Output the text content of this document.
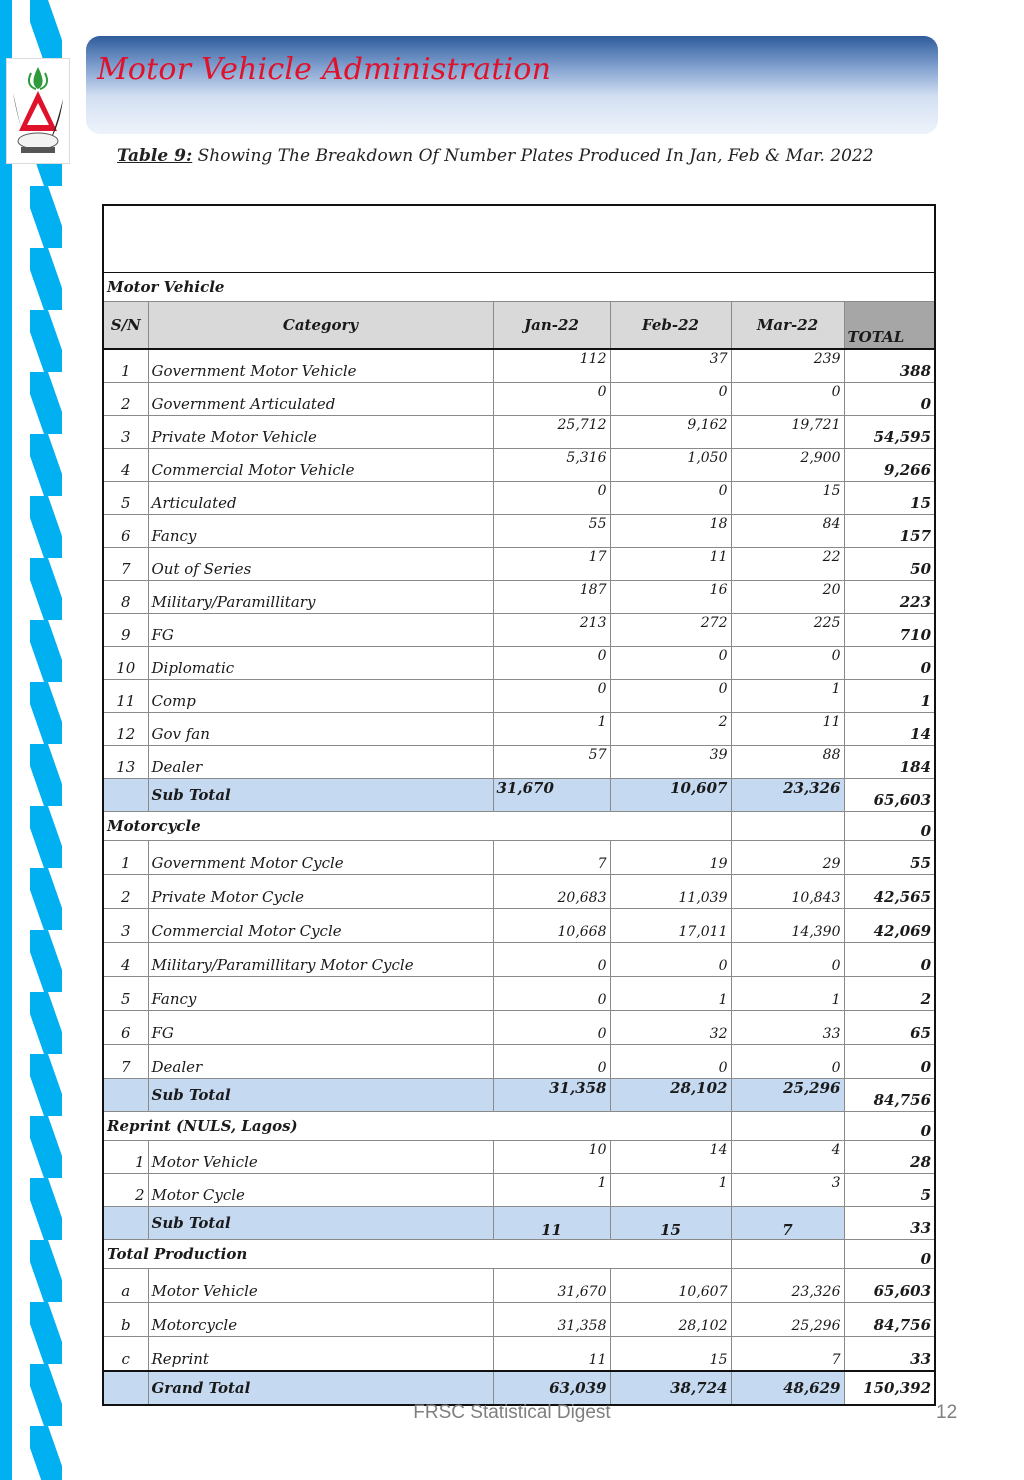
Motor Vehicle Administration
Table 9: Showing The Breakdown Of Number Plates Produced In Jan, Feb & Mar. 2022

Motor Vehicle					
S/N	Category	Jan-22	Feb-22	Mar-22	TOTAL
1	Government Motor Vehicle	112	37	239	388
2	Government Articulated	0	0	0	0
3	Private Motor Vehicle	25,712	9,162	19,721	54,595
4	Commercial Motor Vehicle	5,316	1,050	2,900	9,266
5	Articulated	0	0	15	15
6	Fancy	55	18	84	157
7	Out of Series	17	11	22	50
8	Military/Paramillitary	187	16	20	223
9	FG	213	272	225	710
10	Diplomatic	0	0	0	0
11	Comp	0	0	1	1
12	Gov fan	1	2	11	14
13	Dealer	57	39	88	184
	Sub Total	31,670	10,607	23,326	65,603
Motorcycle					0
1	Government Motor Cycle	7	19	29	55
2	Private Motor Cycle	20,683	11,039	10,843	42,565
3	Commercial Motor Cycle	10,668	17,011	14,390	42,069
4	Military/Paramillitary Motor Cycle	0	0	0	0
5	Fancy	0	1	1	2
6	FG	0	32	33	65
7	Dealer	0	0	0	0
	Sub Total	31,358	28,102	25,296	84,756
Reprint (NULS, Lagos)					0
1	Motor Vehicle	10	14	4	28
2	Motor Cycle	1	1	3	5
	Sub Total	11	15	7	33
Total Production					0
a	Motor Vehicle	31,670	10,607	23,326	65,603
b	Motorcycle	31,358	28,102	25,296	84,756
c	Reprint	11	15	7	33
	Grand Total	63,039	38,724	48,629	150,392
FRSC Statistical Digest	12
